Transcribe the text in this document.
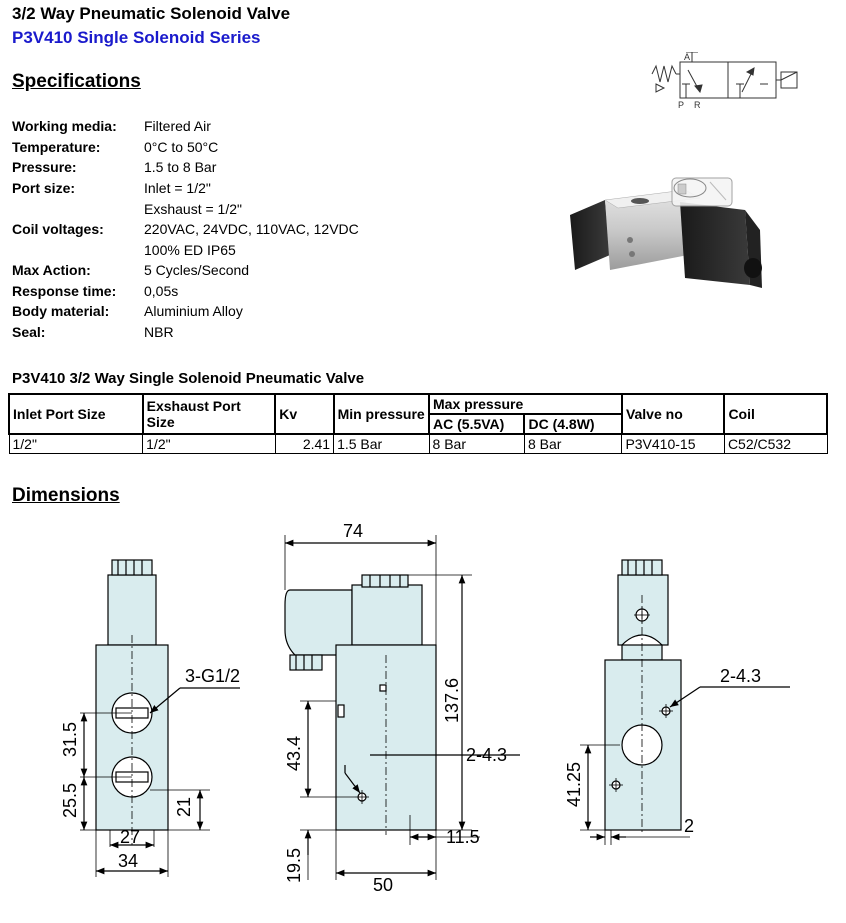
3/2 Way Pneumatic Solenoid Valve
P3V410 Single Solenoid Series
Specifications
Working media: Filtered Air
Temperature:	0°C to 50°C
Pressure:	1.5 to 8 Bar
Port size:	Inlet = 1/2"
Exshaust = 1/2"
Coil voltages:	220VAC, 24VDC, 110VAC, 12VDC
100% ED IP65
Max Action:	5 Cycles/Second
Response time: 0,05s
Body material: Aluminium Alloy
Seal:	NBR
A
P R
P3V410 3/2 Way Single Solenoid Pneumatic Valve
Inlet Port Size	Exshaust Port Size	Kv	Min pressure	Max pressure		Valve no	Coil
				AC (5.5VA)	DC (4.8W)		
1/2"	1/2"	2.41	1.5 Bar	8 Bar	8 Bar	P3V410-15	C52/C532
Dimensions
3-G1/2
31.5
25.5	21
27
34
74
137.6
43.4	2-4.3
11.5
19.5
50
2-4.3
41.25
2
